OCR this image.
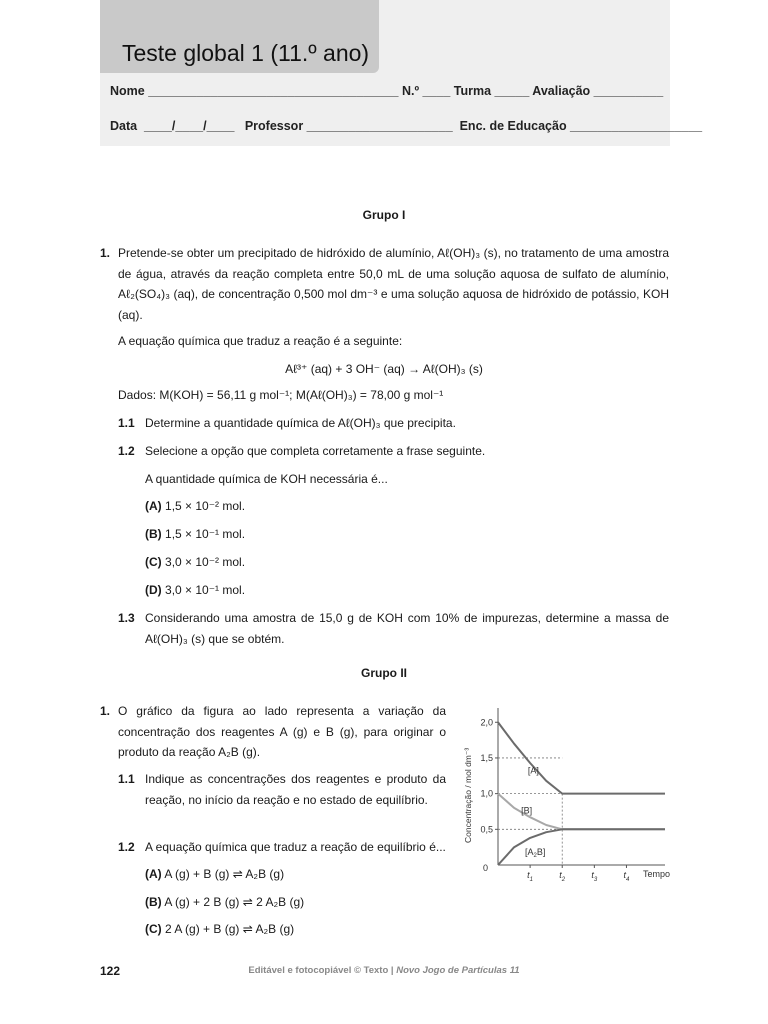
Teste global 1 (11.º ano)
Nome ____________________________________ N.º ____ Turma _____ Avaliação __________
Data  ____/____/____   Professor _____________________  Enc. de Educação ___________________
Grupo I
1. Pretende-se obter um precipitado de hidróxido de alumínio, Aℓ(OH)₃ (s), no tratamento de uma amostra de água, através da reação completa entre 50,0 mL de uma solução aquosa de sulfato de alumínio, Aℓ₂(SO₄)₃ (aq), de concentração 0,500 mol dm⁻³ e uma solução aquosa de hidróxido de potássio, KOH (aq).
A equação química que traduz a reação é a seguinte:
Aℓ³⁺ (aq) + 3 OH⁻ (aq) → Aℓ(OH)₃ (s)
Dados: M(KOH) = 56,11 g mol⁻¹; M(Aℓ(OH)₃) = 78,00 g mol⁻¹
1.1 Determine a quantidade química de Aℓ(OH)₃ que precipita.
1.2 Selecione a opção que completa corretamente a frase seguinte.
A quantidade química de KOH necessária é...
(A) 1,5 × 10⁻² mol.
(B) 1,5 × 10⁻¹ mol.
(C) 3,0 × 10⁻² mol.
(D) 3,0 × 10⁻¹ mol.
1.3 Considerando uma amostra de 15,0 g de KOH com 10% de impurezas, determine a massa de Aℓ(OH)₃ (s) que se obtém.
Grupo II
1. O gráfico da figura ao lado representa a variação da concentração dos reagentes A (g) e B (g), para originar o produto da reação A₂B (g).
1.1 Indique as concentrações dos reagentes e produto da reação, no início da reação e no estado de equilíbrio.
1.2 A equação química que traduz a reação de equilíbrio é...
(A) A (g) + B (g) ⇌ A₂B (g)
(B) A (g) + 2 B (g) ⇌ 2 A₂B (g)
(C) 2 A (g) + B (g) ⇌ A₂B (g)
2,0
1,5
1,0
0,5
0
$t_1$	$t_2$	$t_3$	$t_4$
Tempo
Concentração / mol dm⁻³	[A]
[B]
$[A_2B]$
122	Editável e fotocopiável © Texto | Novo Jogo de Partículas 11
